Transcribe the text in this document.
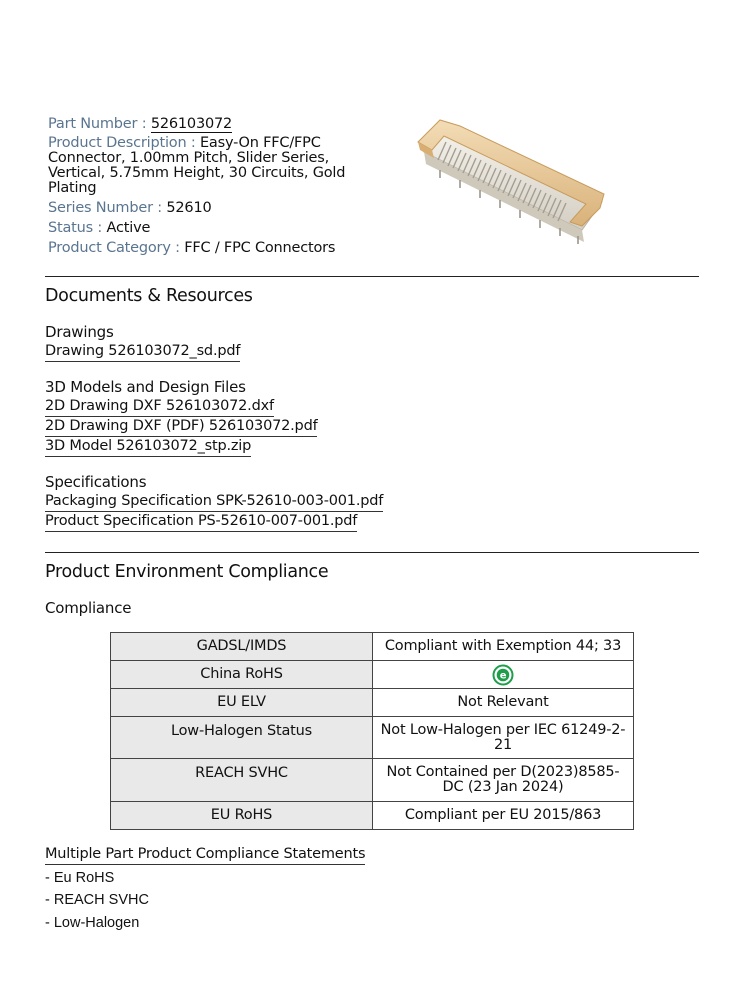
Part Number : 526103072

Product Description : Easy-On FFC/FPC Connector, 1.00mm Pitch, Slider Series, Vertical, 5.75mm Height, 30 Circuits, Gold Plating

Series Number : 52610

Status : Active

Product Category : FFC / FPC Connectors

Documents & Resources
Drawings
Drawing 526103072_sd.pdf
3D Models and Design Files
2D Drawing DXF 526103072.dxf
2D Drawing DXF (PDF) 526103072.pdf
3D Model 526103072_stp.zip
Specifications
Packaging Specification SPK-52610-003-001.pdf
Product Specification PS-52610-007-001.pdf
Product Environment Compliance
Compliance
GADSL/IMDS	Compliant with Exemption 44; 33
China RoHS	e

EU ELV	Not Relevant
Low-Halogen Status	Not Low-Halogen per IEC 61249-2-21
REACH SVHC	Not Contained per D(2023)8585-DC (23 Jan 2024)
EU RoHS	Compliant per EU 2015/863
Multiple Part Product Compliance Statements
- Eu RoHS
- REACH SVHC
- Low-Halogen
